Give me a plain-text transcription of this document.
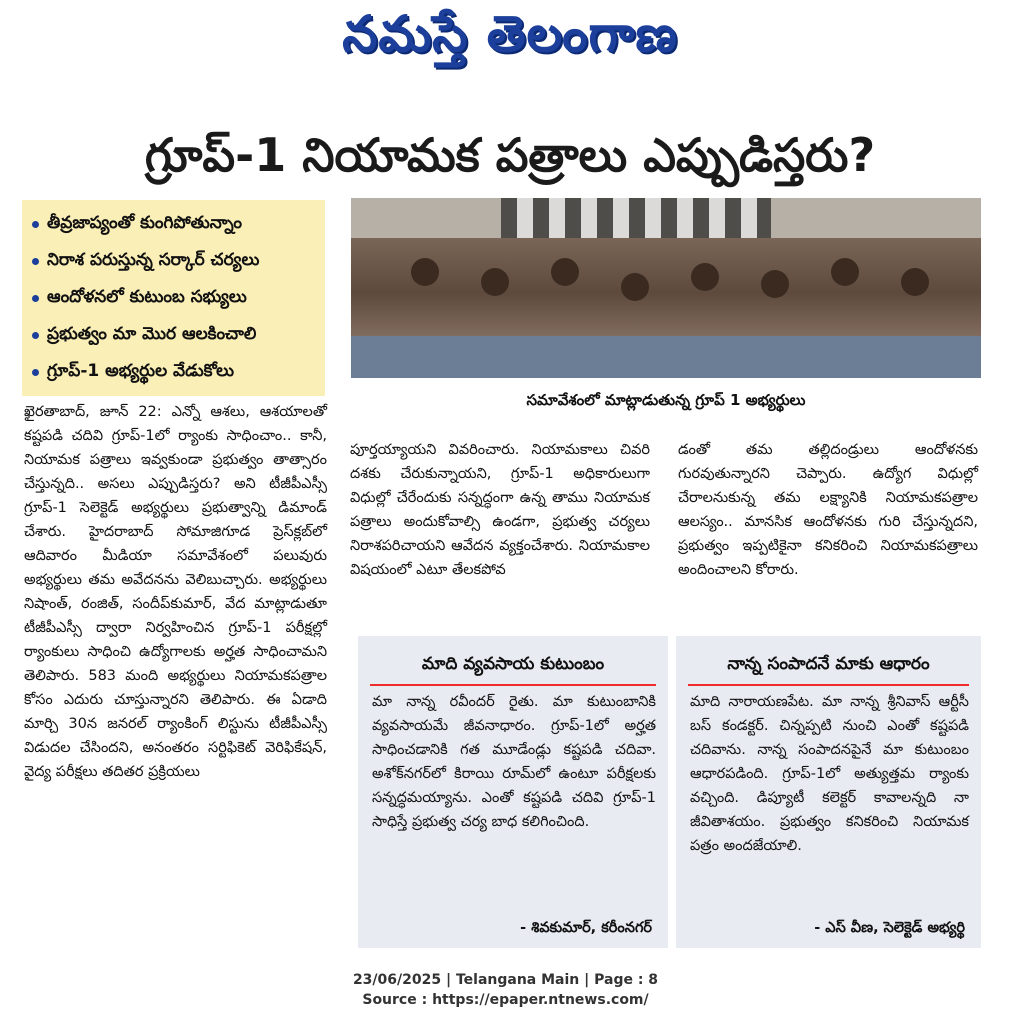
నమస్తే తెలంగాణ
గ్రూప్‌-1 నియామక పత్రాలు ఎప్పుడిస్తరు?
తీవ్రజాప్యంతో కుంగిపోతున్నాం
నిరాశ పరుస్తున్న సర్కార్‌ చర్యలు
ఆందోళనలో కుటుంబ సభ్యులు
ప్రభుత్వం మా మొర ఆలకించాలి
గ్రూప్‌-1 అభ్యర్థుల వేడుకోలు
సమావేశంలో మాట్లాడుతున్న గ్రూప్‌ 1 అభ్యర్థులు
ఖైరతాబాద్‌, జూన్‌ 22: ఎన్నో ఆశలు, ఆశయాలతో కష్టపడి చదివి గ్రూప్‌-1లో ర్యాంకు సాధించాం.. కానీ, నియామక పత్రాలు ఇవ్వకుండా ప్రభుత్వం తాత్సారం చేస్తున్నది.. అసలు ఎప్పుడిస్తరు? అని టీజీపీఎస్సీ గ్రూప్‌-1 సెలెక్టెడ్‌ అభ్యర్థులు ప్రభుత్వాన్ని డిమాండ్‌ చేశారు. హైదరాబాద్‌ సోమాజిగూడ ప్రెస్‌క్లబ్‌లో ఆదివారం మీడియా సమావేశంలో పలువురు అభ్యర్థులు తమ అవేదనను వెలిబుచ్చారు. అభ్యర్థులు నిషాంత్‌, రంజిత్‌, సందీప్‌కుమార్‌, వేద మాట్లాడుతూ టీజీపీఎస్సీ ద్వారా నిర్వహించిన గ్రూప్‌-1 పరీక్షల్లో ర్యాంకులు సాధించి ఉద్యోగాలకు అర్హత సాధించామని తెలిపారు. 583 మంది అభ్యర్థులు నియామకపత్రాల కోసం ఎదురు చూస్తున్నారని తెలిపారు. ఈ ఏడాది మార్చి 30న జనరల్‌ ర్యాంకింగ్‌ లిస్టును టీజీపీఎస్సీ విడుదల చేసిందని, అనంతరం సర్టిఫికెట్‌ వెరిఫికేషన్‌, వైద్య పరీక్షలు తదితర ప్రక్రియలు
పూర్తయ్యాయని వివరించారు. నియామకాలు చివరి దశకు చేరుకున్నాయని, గ్రూప్‌-1 అధికారులుగా విధుల్లో చేరేందుకు సన్నద్ధంగా ఉన్న తాము నియామక పత్రాలు అందుకోవాల్సి ఉండగా, ప్రభుత్వ చర్యలు నిరాశపరిచాయని ఆవేదన వ్యక్తంచేశారు. నియామకాల విషయంలో ఎటూ తేలకపోవ
డంతో తమ తల్లిదండ్రులు ఆందోళనకు గురవుతున్నారని చెప్పారు. ఉద్యోగ విధుల్లో చేరాలనుకున్న తమ లక్ష్యానికి నియామకపత్రాల ఆలస్యం.. మానసిక ఆందోళనకు గురి చేస్తున్నదని, ప్రభుత్వం ఇప్పటికైనా కనికరించి నియామకపత్రాలు అందించాలని కోరారు.
మాది వ్యవసాయ కుటుంబం
మా నాన్న రవీందర్‌ రైతు. మా కుటుంబానికి వ్యవసాయమే జీవనాధారం. గ్రూప్‌-1లో అర్హత సాధించడానికి గత మూడేండ్లు కష్టపడి చదివా. అశోక్‌నగర్‌లో కిరాయి రూమ్‌లో ఉంటూ పరీక్షలకు సన్నద్ధమయ్యాను. ఎంతో కష్టపడి చదివి గ్రూప్‌-1 సాధిస్తే ప్రభుత్వ చర్య బాధ కలిగించింది.
- శివకుమార్‌, కరీంనగర్‌
నాన్న సంపాదనే మాకు ఆధారం
మాది నారాయణపేట. మా నాన్న శ్రీనివాస్‌ ఆర్టీసీ బస్‌ కండక్టర్‌. చిన్నప్పటి నుంచి ఎంతో కష్టపడి చదివాను. నాన్న సంపాదనపైనే మా కుటుంబం ఆధారపడింది. గ్రూప్‌-1లో అత్యుత్తమ ర్యాంకు వచ్చింది. డిప్యూటీ కలెక్టర్‌ కావాలన్నది నా జీవితాశయం. ప్రభుత్వం కనికరించి నియామక పత్రం అందజేయాలి.
- ఎస్‌ వీణ, సెలెక్టెడ్‌ అభ్యర్థి
23/06/2025 | Telangana Main | Page : 8
Source : https://epaper.ntnews.com/
